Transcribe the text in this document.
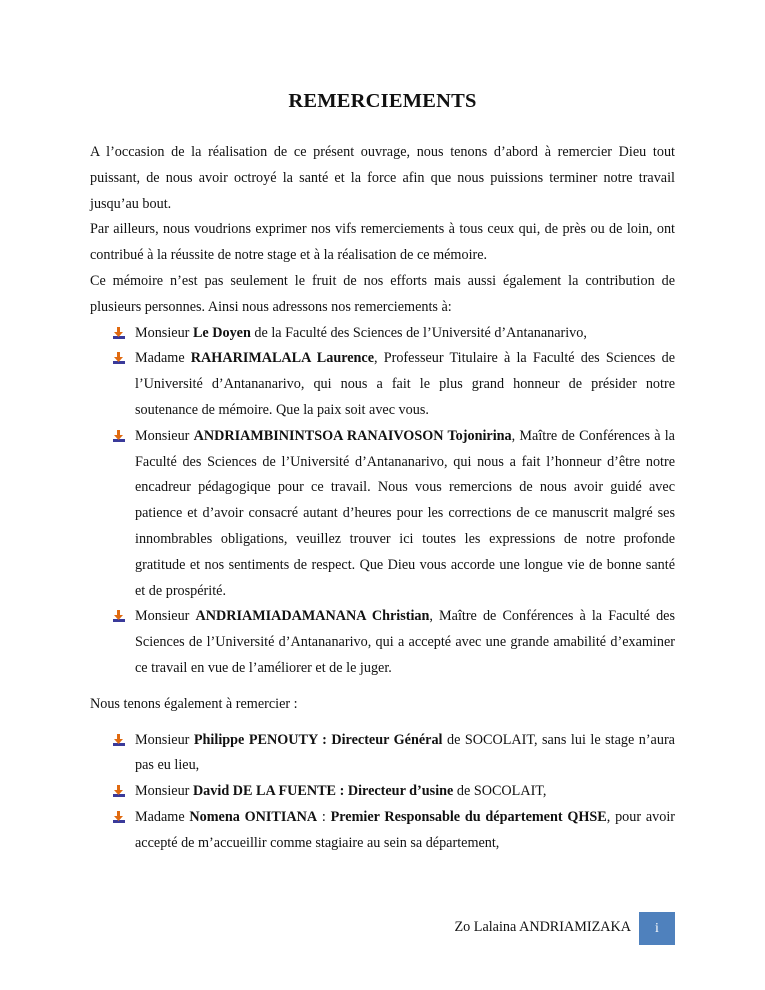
REMERCIEMENTS

A l’occasion de la réalisation de ce présent ouvrage, nous tenons d’abord à remercier Dieu tout puissant, de nous avoir octroyé la santé et la force afin que nous puissions terminer notre travail jusqu’au bout.

Par ailleurs, nous voudrions exprimer nos vifs remerciements à tous ceux qui, de près ou de loin, ont contribué à la réussite de notre stage et à la réalisation de ce mémoire.

Ce mémoire n’est pas seulement le fruit de nos efforts mais aussi également la contribution de plusieurs personnes. Ainsi nous adressons nos remerciements à:

Monsieur Le Doyen de la Faculté des Sciences de l’Université d’Antananarivo,
Madame RAHARIMALALA Laurence, Professeur Titulaire à la Faculté des Sciences de l’Université d’Antananarivo, qui nous a fait le plus grand honneur de présider notre soutenance de mémoire. Que la paix soit avec vous.
Monsieur ANDRIAMBININTSOA RANAIVOSON Tojonirina, Maître de Conférences à la Faculté des Sciences de l’Université d’Antananarivo, qui nous a fait l’honneur d’être notre encadreur pédagogique pour ce travail. Nous vous remercions de nous avoir guidé avec patience et d’avoir consacré autant d’heures pour les corrections de ce manuscrit malgré ses innombrables obligations, veuillez trouver ici toutes les expressions de notre profonde gratitude et nos sentiments de respect. Que Dieu vous accorde une longue vie de bonne santé et de prospérité.
Monsieur ANDRIAMIADAMANANA Christian, Maître de Conférences à la Faculté des Sciences de l’Université d’Antananarivo, qui a accepté avec une grande amabilité d’examiner ce travail en vue de l’améliorer et de le juger.

Nous tenons également à remercier :

Monsieur Philippe PENOUTY : Directeur Général de SOCOLAIT, sans lui le stage n’aura pas eu lieu,
Monsieur David DE LA FUENTE : Directeur d’usine de SOCOLAIT,
Madame Nomena ONITIANA : Premier Responsable du département QHSE, pour avoir accepté de m’accueillir comme stagiaire au sein sa département,
Zo Lalaina ANDRIAMIZAKA	i
